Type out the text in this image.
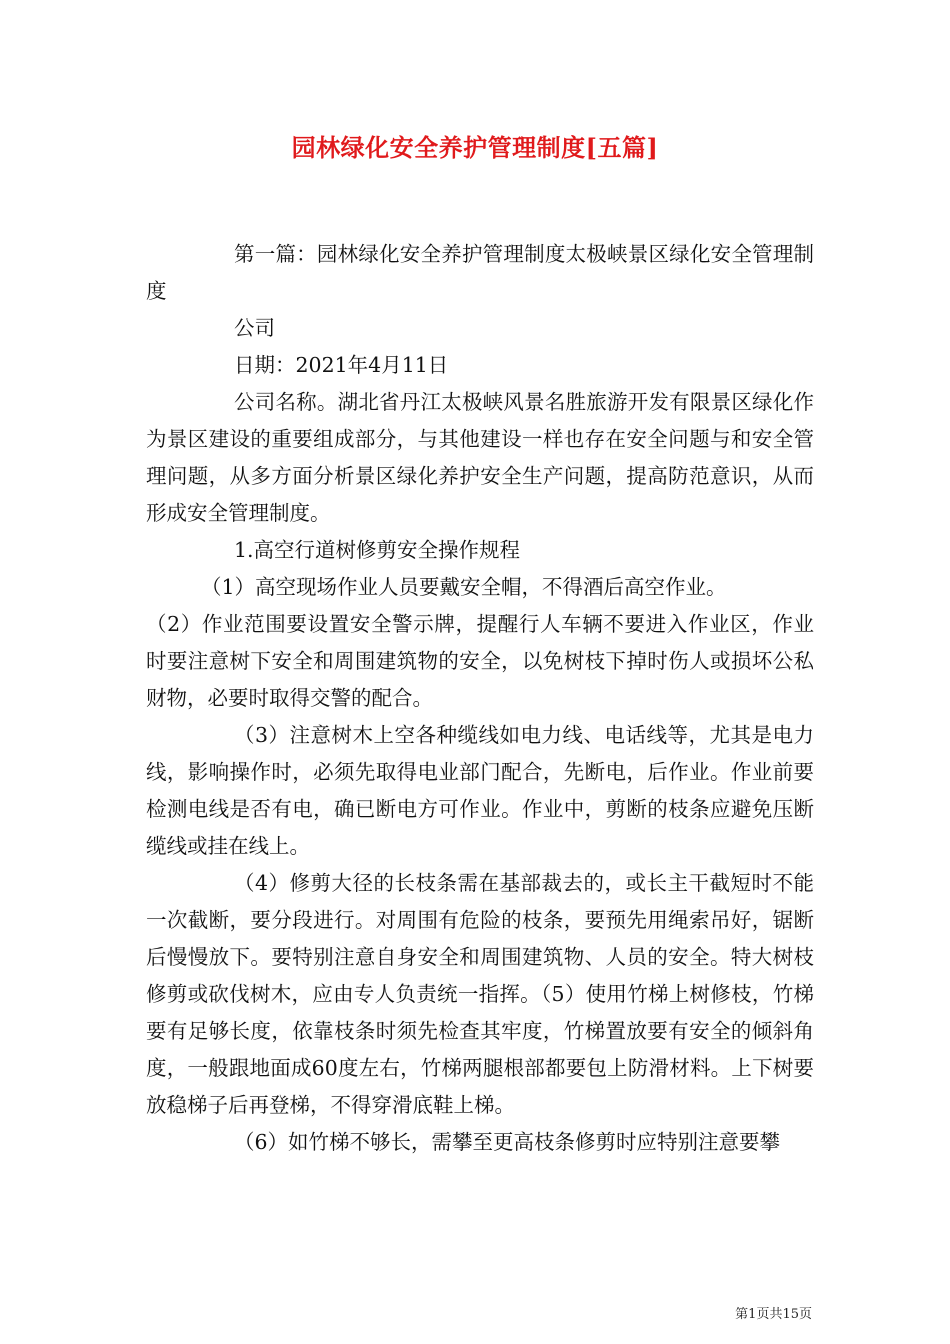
园林绿化安全养护管理制度[五篇]

第一篇：园林绿化安全养护管理制度太极峡景区绿化安全管理制度

公司

日期：2021年4月11日

公司名称。湖北省丹江太极峡风景名胜旅游开发有限景区绿化作为景区建设的重要组成部分，与其他建设一样也存在安全问题与和安全管理问题，从多方面分析景区绿化养护安全生产问题，提高防范意识，从而形成安全管理制度。

1.高空行道树修剪安全操作规程

（1）高空现场作业人员要戴安全帽，不得酒后高空作业。

（2）作业范围要设置安全警示牌，提醒行人车辆不要进入作业区，作业时要注意树下安全和周围建筑物的安全，以免树枝下掉时伤人或损坏公私财物，必要时取得交警的配合。

（3）注意树木上空各种缆线如电力线、电话线等，尤其是电力线，影响操作时，必须先取得电业部门配合，先断电，后作业。作业前要检测电线是否有电，确已断电方可作业。作业中，剪断的枝条应避免压断缆线或挂在线上。

（4）修剪大径的长枝条需在基部裁去的，或长主干截短时不能一次截断，要分段进行。对周围有危险的枝条，要预先用绳索吊好，锯断后慢慢放下。要特别注意自身安全和周围建筑物、人员的安全。特大树枝修剪或砍伐树木，应由专人负责统一指挥。（5）使用竹梯上树修枝，竹梯要有足够长度，依靠枝条时须先检查其牢度，竹梯置放要有安全的倾斜角度，一般跟地面成60度左右，竹梯两腿根部都要包上防滑材料。上下树要放稳梯子后再登梯，不得穿滑底鞋上梯。

（6）如竹梯不够长，需攀至更高枝条修剪时应特别注意要攀

第1页共15页
